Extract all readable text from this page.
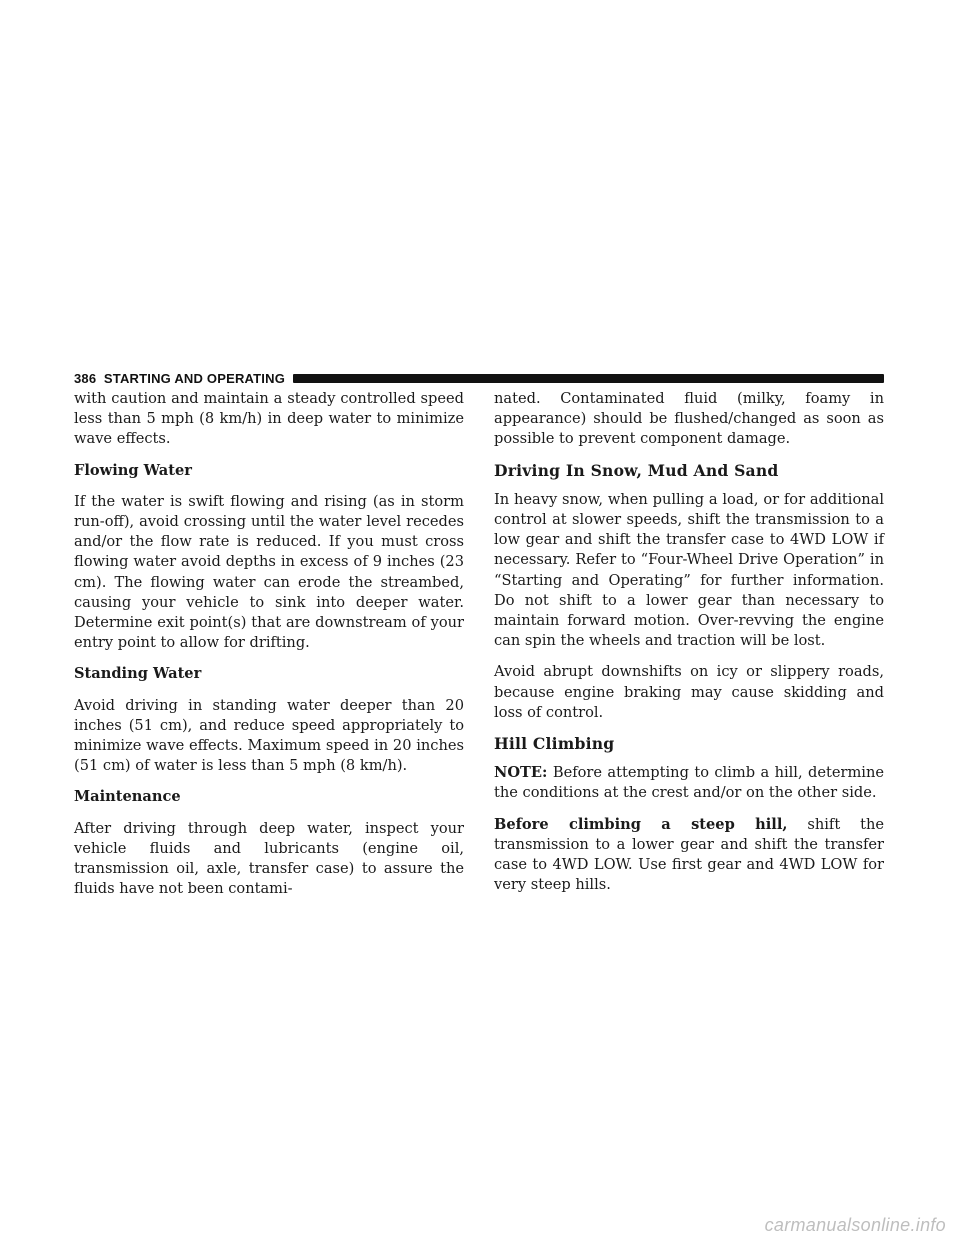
386 STARTING AND OPERATING

with caution and maintain a steady controlled speed less than 5 mph (8 km/h) in deep water to minimize wave effects.

Flowing Water

If the water is swift flowing and rising (as in storm run-off), avoid crossing until the water level recedes and/or the flow rate is reduced. If you must cross flowing water avoid depths in excess of 9 inches (23 cm). The flowing water can erode the streambed, causing your vehicle to sink into deeper water. Determine exit point(s) that are downstream of your entry point to allow for drifting.

Standing Water

Avoid driving in standing water deeper than 20 inches (51 cm), and reduce speed appropriately to minimize wave effects. Maximum speed in 20 inches (51 cm) of water is less than 5 mph (8 km/h).

Maintenance

After driving through deep water, inspect your vehicle fluids and lubricants (engine oil, transmission oil, axle, transfer case) to assure the fluids have not been contami-

nated. Contaminated fluid (milky, foamy in appearance) should be flushed/changed as soon as possible to prevent component damage.

Driving In Snow, Mud And Sand

In heavy snow, when pulling a load, or for additional control at slower speeds, shift the transmission to a low gear and shift the transfer case to 4WD LOW if necessary. Refer to “Four-Wheel Drive Operation” in “Starting and Operating” for further information. Do not shift to a lower gear than necessary to maintain forward motion. Over-revving the engine can spin the wheels and traction will be lost.

Avoid abrupt downshifts on icy or slippery roads, because engine braking may cause skidding and loss of control.

Hill Climbing

NOTE: Before attempting to climb a hill, determine the conditions at the crest and/or on the other side.

Before climbing a steep hill, shift the transmission to a lower gear and shift the transfer case to 4WD LOW. Use first gear and 4WD LOW for very steep hills.

carmanualsonline.info
